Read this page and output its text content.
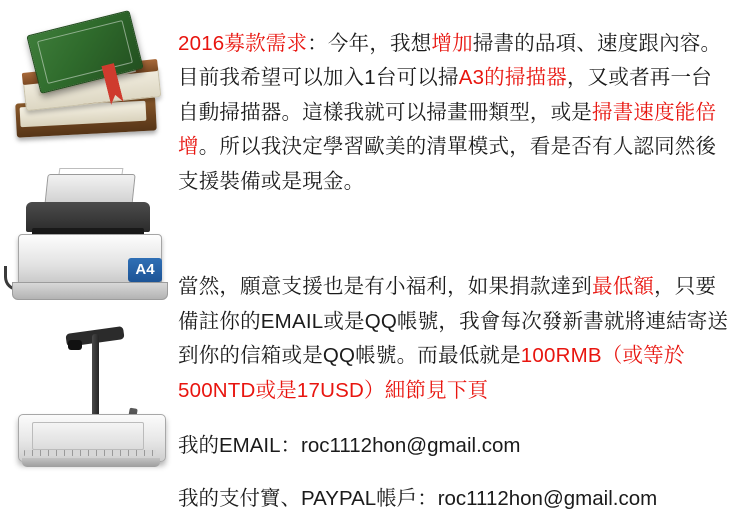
A4

2016募款需求：今年，我想增加掃書的品項、速度跟內容。目前我希望可以加入1台可以掃A3的掃描器，又或者再一台自動掃描器。這樣我就可以掃畫冊類型，或是掃書速度能倍增。所以我決定學習歐美的清單模式，看是否有人認同然後支援裝備或是現金。

當然，願意支援也是有小福利，如果捐款達到最低額，只要備註你的EMAIL或是QQ帳號，我會每次發新書就將連結寄送到你的信箱或是QQ帳號。而最低就是100RMB（或等於 500NTD或是17USD）細節見下頁

我的EMAIL：roc1112hon@gmail.com

我的支付寶、PAYPAL帳戶：roc1112hon@gmail.com
